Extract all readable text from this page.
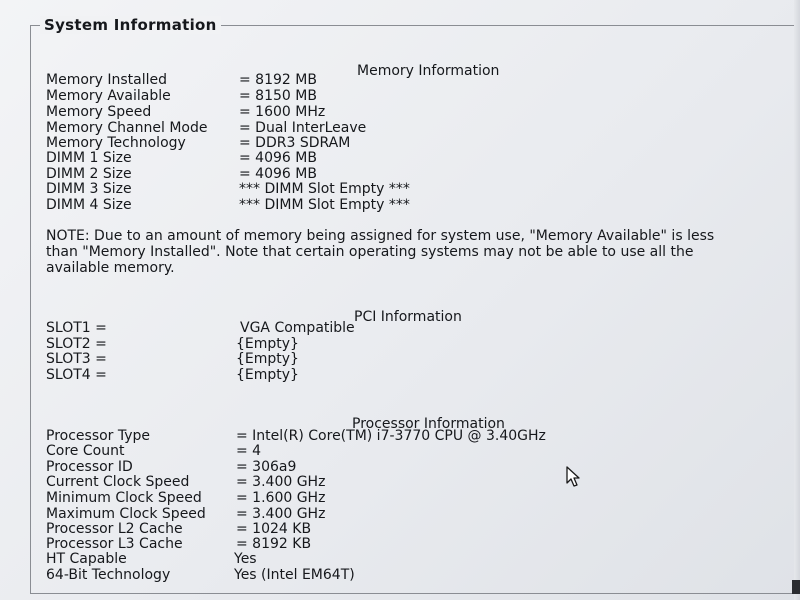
System Information
Memory Information
Memory Installed	= 8192 MB
Memory Available	= 8150 MB
Memory Speed	= 1600 MHz
Memory Channel Mode = Dual InterLeave
Memory Technology	= DDR3 SDRAM
DIMM 1 Size	= 4096 MB
DIMM 2 Size	= 4096 MB
DIMM 3 Size	*** DIMM Slot Empty ***
DIMM 4 Size	*** DIMM Slot Empty ***
NOTE: Due to an amount of memory being assigned for system use, "Memory Available" is less
than "Memory Installed". Note that certain operating systems may not be able to use all the
available memory.
PCI Information
SLOT1 =	VGA Compatible
SLOT2 =	{Empty}
SLOT3 =	{Empty}
SLOT4 =	{Empty}
Processor Information
Processor Type	= Intel(R) Core(TM) i7-3770 CPU @ 3.40GHz
Core Count	= 4
Processor ID	= 306a9
Current Clock Speed	= 3.400 GHz
Minimum Clock Speed = 1.600 GHz
Maximum Clock Speed = 3.400 GHz
Processor L2 Cache	= 1024 KB
Processor L3 Cache	= 8192 KB
HT Capable	Yes
64-Bit Technology	Yes (Intel EM64T)
